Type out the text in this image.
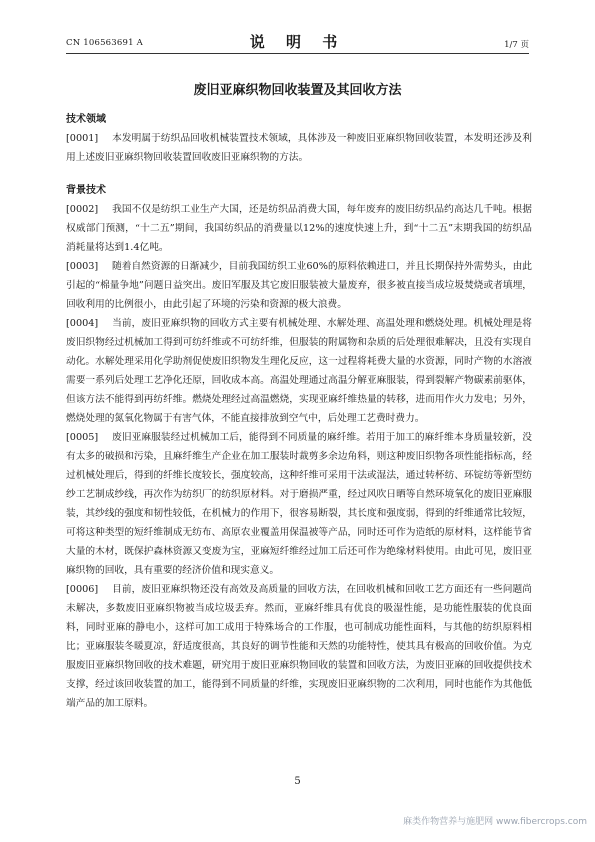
CN 106563691 A	说 明 书	1/7 页
废旧亚麻织物回收装置及其回收方法
技术领域

[0001] 本发明属于纺织品回收机械装置技术领域，具体涉及一种废旧亚麻织物回收装置，本发明还涉及利用上述废旧亚麻织物回收装置回收废旧亚麻织物的方法。

背景技术

[0002] 我国不仅是纺织工业生产大国，还是纺织品消费大国，每年废弃的废旧纺织品约高达几千吨。根据权威部门预测，“十二五”期间，我国纺织品的消费量以12%的速度快速上升，到“十二五”末期我国的纺织品消耗量将达到1.4亿吨。

[0003] 随着自然资源的日渐减少，目前我国纺织工业60%的原料依赖进口，并且长期保持外需势头，由此引起的“棉量争地”问题日益突出。废旧军服及其它废旧服装被大量废弃，很多被直接当成垃圾焚烧或者填埋，回收利用的比例很小，由此引起了环境的污染和资源的极大浪费。

[0004] 当前，废旧亚麻织物的回收方式主要有机械处理、水解处理、高温处理和燃烧处理。机械处理是将废旧织物经过机械加工得到可纺纤维或不可纺纤维，但服装的附属物和杂质的后处理很难解决，且没有实现自动化。水解处理采用化学助剂促使废旧织物发生理化反应，这一过程将耗费大量的水资源，同时产物的水溶液需要一系列后处理工艺净化还原，回收成本高。高温处理通过高温分解亚麻服装，得到裂解产物碳素前驱体，但该方法不能得到再纺纤维。燃烧处理经过高温燃烧，实现亚麻纤维热量的转移，进而用作火力发电；另外，燃烧处理的氮氧化物属于有害气体，不能直接排放到空气中，后处理工艺费时费力。

[0005] 废旧亚麻服装经过机械加工后，能得到不同质量的麻纤维。若用于加工的麻纤维本身质量较新，没有太多的破损和污染，且麻纤维生产企业在加工服装时裁剪多余边角料，则这种废旧织物各项性能指标高，经过机械处理后，得到的纤维长度较长，强度较高，这种纤维可采用干法或湿法，通过转杯纺、环锭纺等新型纺纱工艺制成纱线，再次作为纺织厂的纺织原材料。对于磨损严重，经过风吹日晒等自然环境氧化的废旧亚麻服装，其纱线的强度和韧性较低，在机械力的作用下，很容易断裂，其长度和强度弱，得到的纤维通常比较短，可将这种类型的短纤维制成无纺布、高原农业覆盖用保温被等产品，同时还可作为造纸的原材料，这样能节省大量的木材，既保护森林资源又变废为宝，亚麻短纤维经过加工后还可作为绝缘材料使用。由此可见，废旧亚麻织物的回收，具有重要的经济价值和现实意义。

[0006] 目前，废旧亚麻织物还没有高效及高质量的回收方法，在回收机械和回收工艺方面还有一些问题尚未解决，多数废旧亚麻织物被当成垃圾丢弃。然而，亚麻纤维具有优良的吸湿性能，是功能性服装的优良面料，同时亚麻的静电小，这样可加工成用于特殊场合的工作服，也可制成功能性面料，与其他的纺织原料相比；亚麻服装冬暖夏凉，舒适度很高，其良好的调节性能和天然的功能特性，使其具有极高的回收价值。为克服废旧亚麻织物回收的技术难题，研究用于废旧亚麻织物回收的装置和回收方法，为废旧亚麻的回收提供技术支撑，经过该回收装置的加工，能得到不同质量的纤维，实现废旧亚麻织物的二次利用，同时也能作为其他低端产品的加工原料。

5
麻类作物营养与施肥网 www.fibercrops.com
